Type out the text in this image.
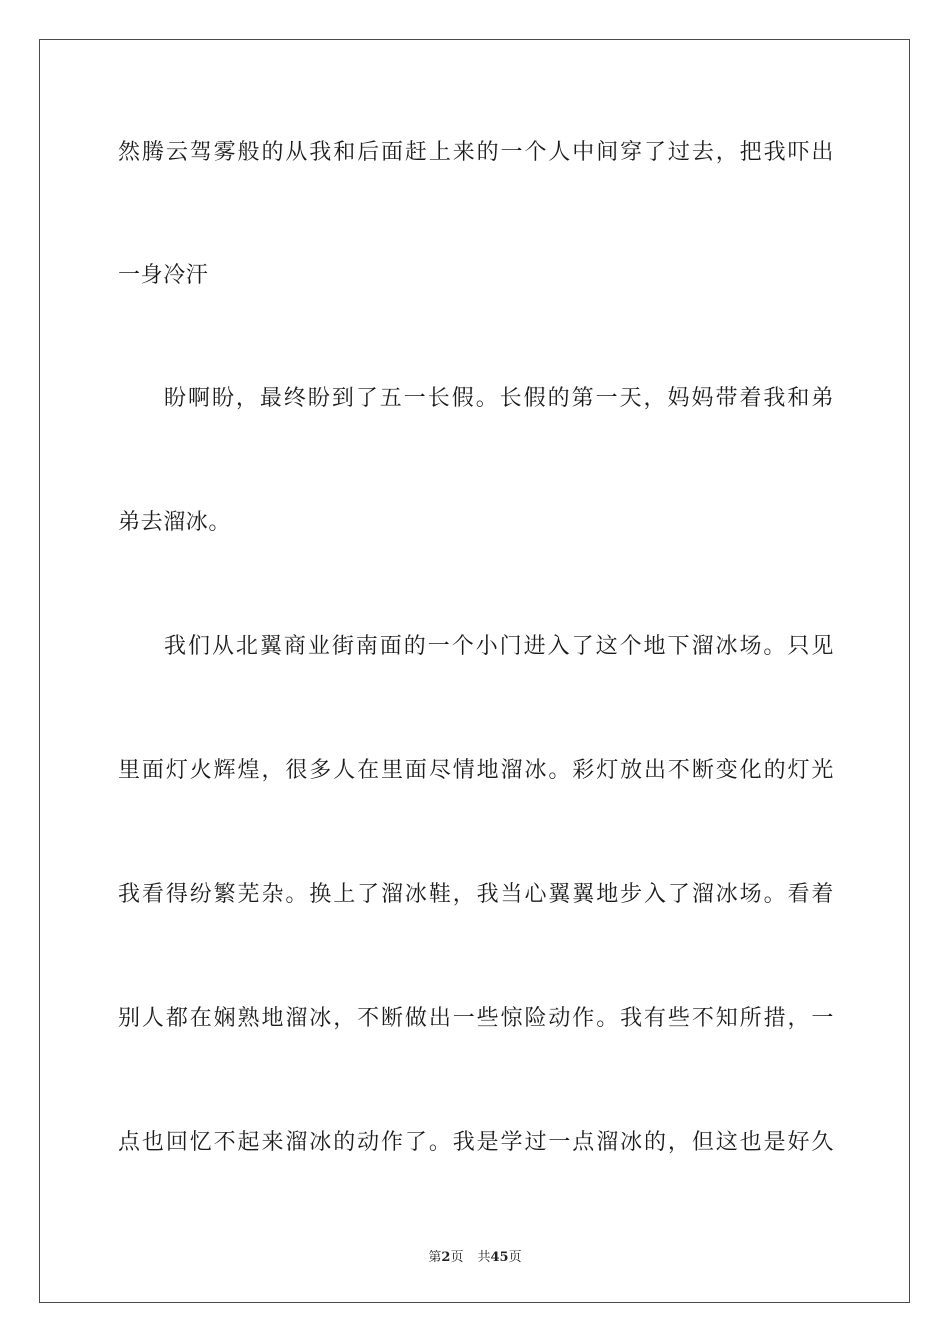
然腾云驾雾般的从我和后面赶上来的一个人中间穿了过去，把我吓出
一身冷汗
盼啊盼，最终盼到了五一长假。长假的第一天，妈妈带着我和弟
弟去溜冰。
我们从北翼商业街南面的一个小门进入了这个地下溜冰场。只见
里面灯火辉煌，很多人在里面尽情地溜冰。彩灯放出不断变化的灯光
我看得纷繁芜杂。换上了溜冰鞋，我当心翼翼地步入了溜冰场。看着
别人都在娴熟地溜冰，不断做出一些惊险动作。我有些不知所措，一
点也回忆不起来溜冰的动作了。我是学过一点溜冰的，但这也是好久
第2页 共45页
